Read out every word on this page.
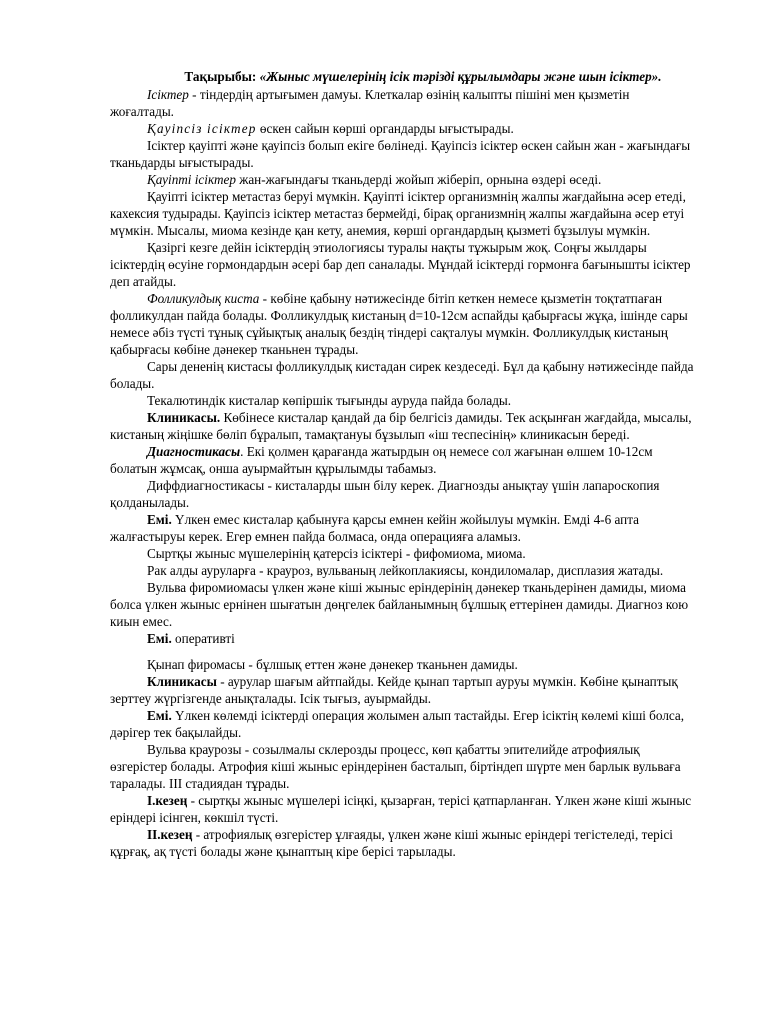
Тақырыбы: «Жыныс мүшелерінің ісік тәрізді құрылымдары және шын ісіктер».

Ісіктер - тіндердің артығымен дамуы. Клеткалар өзінің калыпты пішіні мен қызметін жоғалтады.

Қауіпсіз ісіктер өскен сайын көрші органдарды ығыстырады.

Ісіктер қауіпті және қауіпсіз болып екіге бөлінеді. Қауіпсіз ісіктер өскен сайын жан - жағындағы тканьдарды ығыстырады.

Қауіпті ісіктер жан-жағындағы тканьдерді жойып жіберіп, орнына өздері өседі.

Қауіпті ісіктер метастаз беруі мүмкін. Қауіпті ісіктер организмнің жалпы жағдайына әсер етеді, кахексия тудырады. Қауіпсіз ісіктер метастаз бермейді, бірақ организмнің жалпы жағдайына әсер етуі мүмкін. Мысалы, миома кезінде қан кету, анемия, көрші органдардың қызметі бұзылуы мүмкін.

Қазіргі кезге дейін ісіктердің этиологиясы туралы нақты тұжырым жоқ. Соңғы жылдары ісіктердің өсуіне гормондардын әсері бар деп саналады. Мұндай ісіктерді гормонға бағынышты ісіктер деп атайды.

Фолликулдық киста - көбіне қабыну нәтижесінде бітіп кеткен немесе қызметін тоқтатпаған фолликулдан пайда болады. Фолликулдық кистаның d=10-12см аспайды қабырғасы жұқа, ішінде сары немесе әбіз түсті тұнық сұйықтық аналық бездің тіндері сақталуы мүмкін. Фолликулдық кистаның қабырғасы көбіне дәнекер тканьнен тұрады.

Сары дененің кистасы фолликулдық кистадан сирек кездеседі. Бұл да қабыну нәтижесінде пайда болады.

Текалютиндік кисталар көпіршік тығынды ауруда пайда болады.

Клиникасы. Көбінесе кисталар қандай да бір белгісіз дамиды. Тек асқынған жағдайда, мысалы, кистаның жіңішке бөліп бұралып, тамақтануы бұзылып «іш теспесінің» клиникасын береді.

Диагностикасы. Екі қолмен қарағанда жатырдын оң немесе сол жағынан өлшем 10-12см болатын жұмсақ, онша ауырмайтын құрылымды табамыз.

Диффдиагностикасы - кисталарды шын білу керек. Диагнозды анықтау үшін лапароскопия қолданылады.

Емі. Үлкен емес кисталар қабынуға қарсы емнен кейін жойылуы мүмкін. Емді 4-6 апта жалғастыруы керек. Егер емнен пайда болмаса, онда операцияға аламыз.

Сыртқы жыныс мүшелерінің қатерсіз ісіктері - фифомиома, миома.

Рак алды ауруларға - крауроз, вульваның лейкоплакиясы, кондиломалар, дисплазия жатады.

Вульва фиромиомасы үлкен және кіші жыныс еріндерінің дәнекер тканьдерінен дамиды, миома болса үлкен жыныс ернінен шығатын дөңгелек байланымның бұлшық еттерінен дамиды. Диагноз кою киын емес.

Емі. оперативті

Қынап фиромасы - бұлшық еттен және дәнекер тканьнен дамиды.

Клиникасы - аурулар шағым айтпайды. Кейде қынап тартып ауруы мүмкін. Көбіне қынаптық зерттеу жүргізгенде анықталады. Ісік тығыз, ауырмайды.

Емі. Үлкен көлемді ісіктерді операция жолымен алып тастайды. Егер ісіктің көлемі кіші болса, дәрігер тек бақылайды.

Вульва краурозы - созылмалы склерозды процесс, көп қабатты эпителийде атрофиялық өзгерістер болады. Атрофия кіші жыныс еріндерінен басталып, біртіндеп шүрте мен барлык вульваға таралады. III стадиядан тұрады.

I.кезең - сыртқы жыныс мүшелері ісіңкі, қызарған, терісі қатпарланған. Үлкен және кіші жыныс еріндері ісінген, көкшіл түсті.

II.кезең - атрофиялық өзгерістер ұлғаяды, үлкен және кіші жыныс еріндері тегістеледі, терісі құрғақ, ақ түсті болады және қынаптың кіре берісі тарылады.
